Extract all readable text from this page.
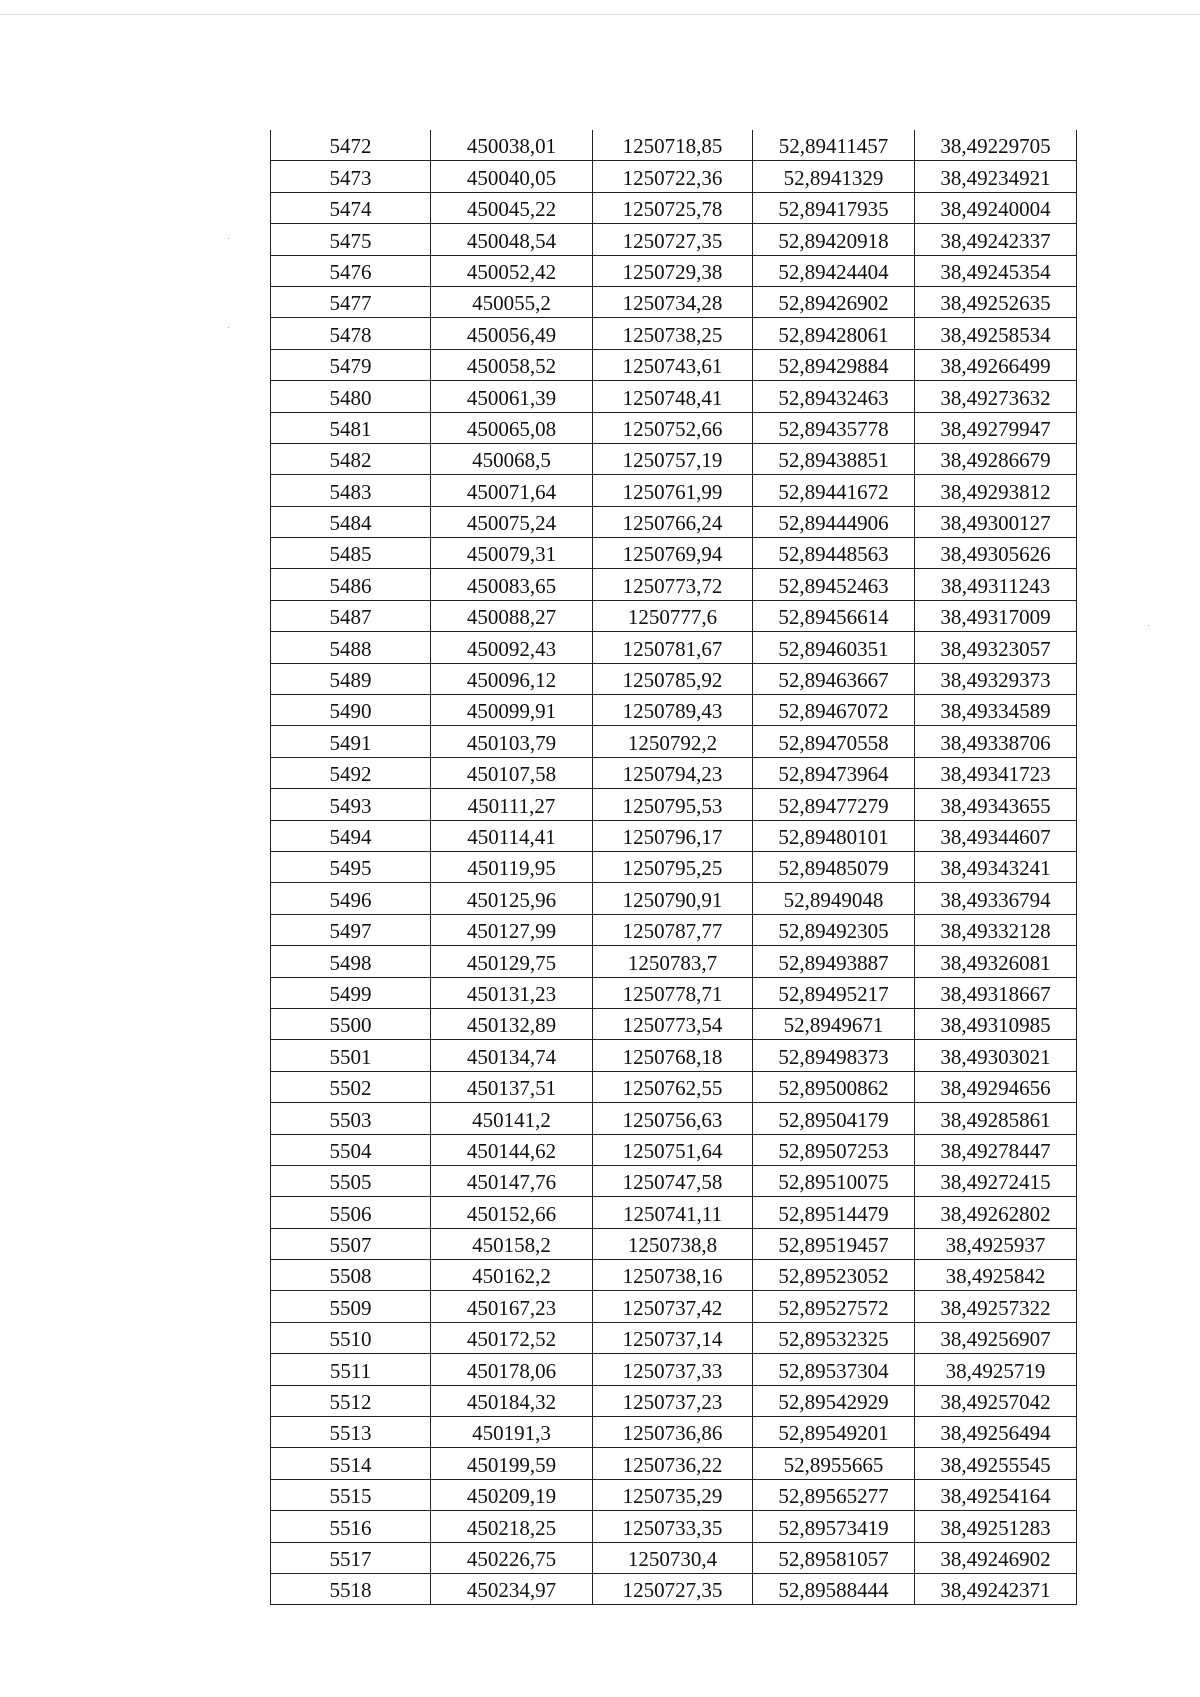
5472	450038,01	1250718,85	52,89411457	38,49229705
5473	450040,05	1250722,36	52,8941329	38,49234921
5474	450045,22	1250725,78	52,89417935	38,49240004
5475	450048,54	1250727,35	52,89420918	38,49242337
5476	450052,42	1250729,38	52,89424404	38,49245354
5477	450055,2	1250734,28	52,89426902	38,49252635
5478	450056,49	1250738,25	52,89428061	38,49258534
5479	450058,52	1250743,61	52,89429884	38,49266499
5480	450061,39	1250748,41	52,89432463	38,49273632
5481	450065,08	1250752,66	52,89435778	38,49279947
5482	450068,5	1250757,19	52,89438851	38,49286679
5483	450071,64	1250761,99	52,89441672	38,49293812
5484	450075,24	1250766,24	52,89444906	38,49300127
5485	450079,31	1250769,94	52,89448563	38,49305626
5486	450083,65	1250773,72	52,89452463	38,49311243
5487	450088,27	1250777,6	52,89456614	38,49317009
5488	450092,43	1250781,67	52,89460351	38,49323057
5489	450096,12	1250785,92	52,89463667	38,49329373
5490	450099,91	1250789,43	52,89467072	38,49334589
5491	450103,79	1250792,2	52,89470558	38,49338706
5492	450107,58	1250794,23	52,89473964	38,49341723
5493	450111,27	1250795,53	52,89477279	38,49343655
5494	450114,41	1250796,17	52,89480101	38,49344607
5495	450119,95	1250795,25	52,89485079	38,49343241
5496	450125,96	1250790,91	52,8949048	38,49336794
5497	450127,99	1250787,77	52,89492305	38,49332128
5498	450129,75	1250783,7	52,89493887	38,49326081
5499	450131,23	1250778,71	52,89495217	38,49318667
5500	450132,89	1250773,54	52,8949671	38,49310985
5501	450134,74	1250768,18	52,89498373	38,49303021
5502	450137,51	1250762,55	52,89500862	38,49294656
5503	450141,2	1250756,63	52,89504179	38,49285861
5504	450144,62	1250751,64	52,89507253	38,49278447
5505	450147,76	1250747,58	52,89510075	38,49272415
5506	450152,66	1250741,11	52,89514479	38,49262802
5507	450158,2	1250738,8	52,89519457	38,4925937
5508	450162,2	1250738,16	52,89523052	38,4925842
5509	450167,23	1250737,42	52,89527572	38,49257322
5510	450172,52	1250737,14	52,89532325	38,49256907
5511	450178,06	1250737,33	52,89537304	38,4925719
5512	450184,32	1250737,23	52,89542929	38,49257042
5513	450191,3	1250736,86	52,89549201	38,49256494
5514	450199,59	1250736,22	52,8955665	38,49255545
5515	450209,19	1250735,29	52,89565277	38,49254164
5516	450218,25	1250733,35	52,89573419	38,49251283
5517	450226,75	1250730,4	52,89581057	38,49246902
5518	450234,97	1250727,35	52,89588444	38,49242371
